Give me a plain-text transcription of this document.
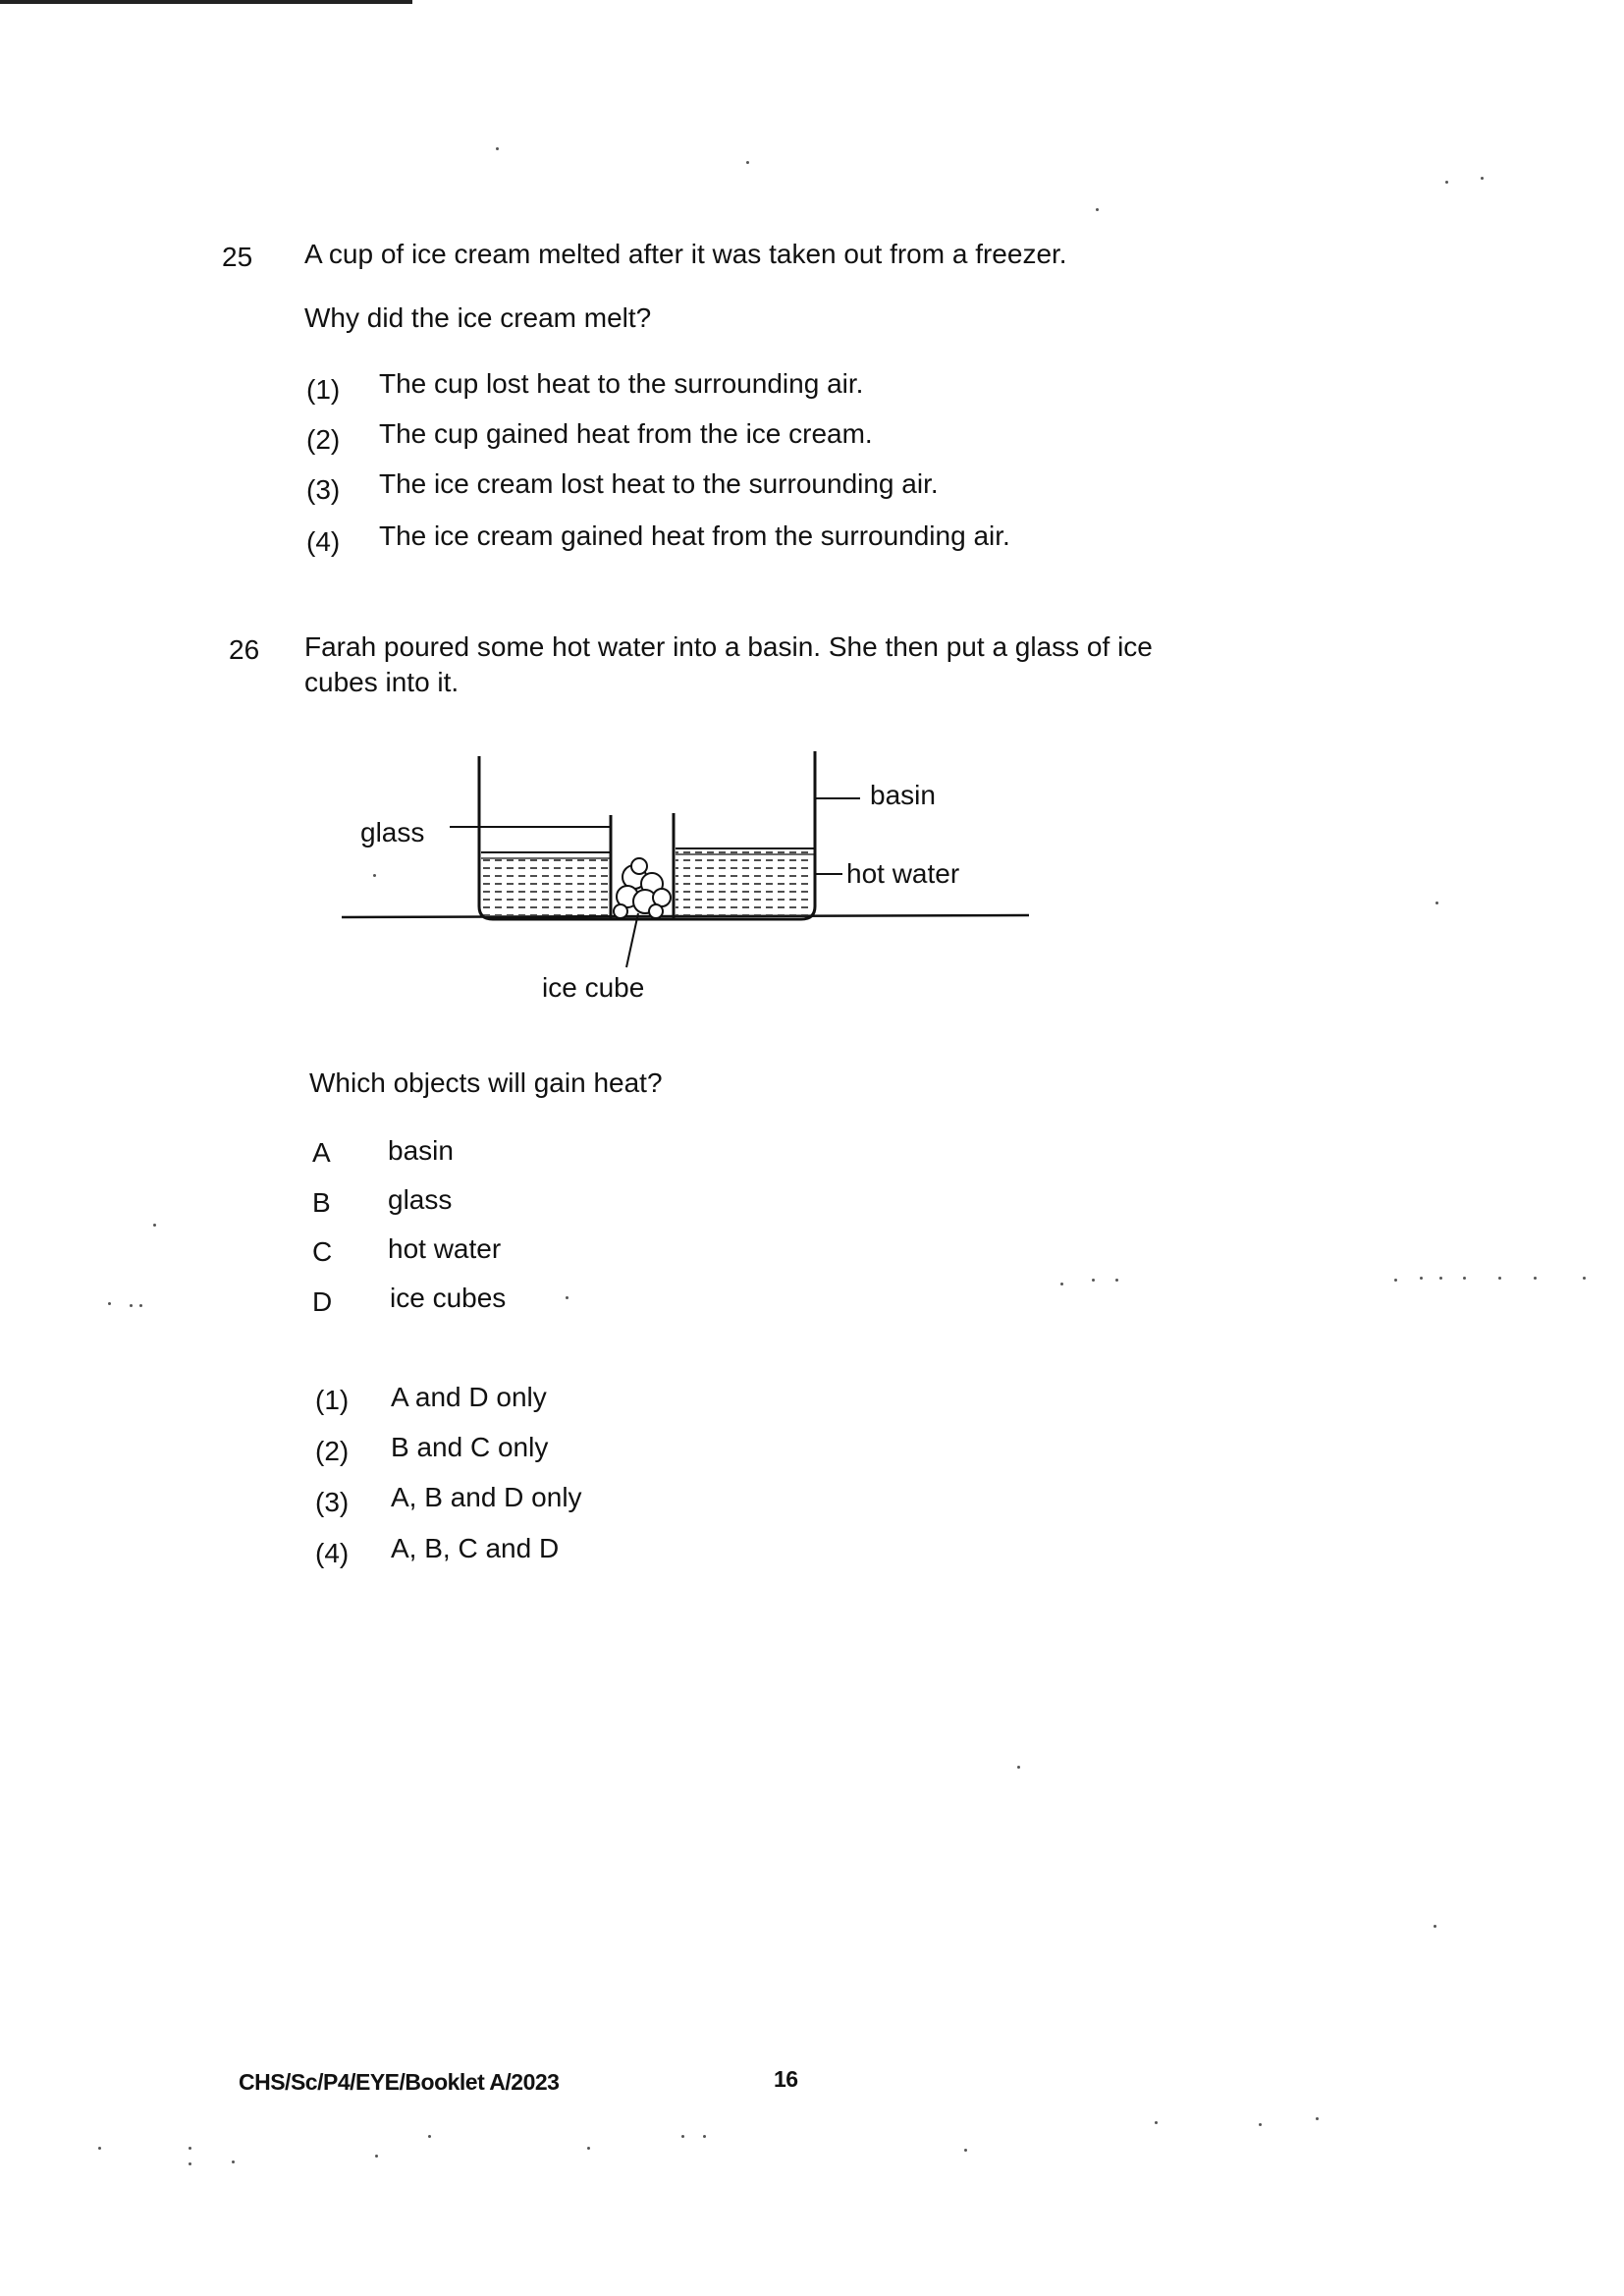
25 A cup of ice cream melted after it was taken out from a freezer.
Why did the ice cream melt?
(1) The cup lost heat to the surrounding air.
(2) The cup gained heat from the ice cream.
(3) The ice cream lost heat to the surrounding air.
(4) The ice cream gained heat from the surrounding air.
26 Farah poured some hot water into a basin. She then put a glass of ice
cubes into it.
glass
basin
hot water
ice cube
Which objects will gain heat?
A basin
B glass
C hot water
D ice cubes
(1) A and D only
(2) B and C only
(3) A, B and D only
(4) A, B, C and D
CHS/Sc/P4/EYE/Booklet A/2023	16
